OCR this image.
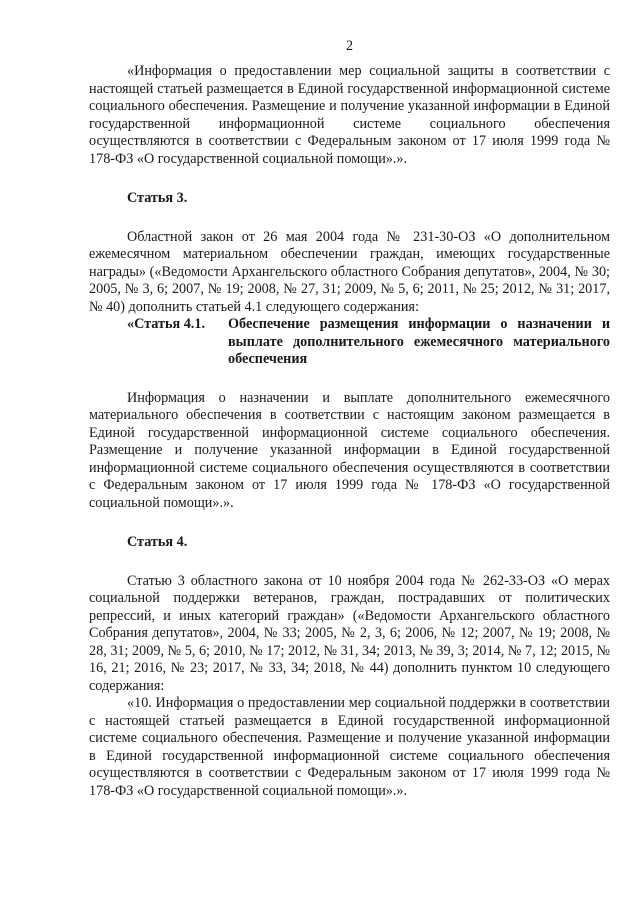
2

«Информация о предоставлении мер социальной защиты в соответствии с настоящей статьей размещается в Единой государственной информационной системе социального обеспечения. Размещение и получение указанной информации в Единой государственной информационной системе социального обеспечения осуществляются в соответствии с Федеральным законом от 17 июля 1999 года № 178-ФЗ «О государственной социальной помощи».».

Статья 3.

Областной закон от 26 мая 2004 года № 231-30-ОЗ «О дополнительном ежемесячном материальном обеспечении граждан, имеющих государственные награды» («Ведомости Архангельского областного Собрания депутатов», 2004, № 30; 2005, № 3, 6; 2007, № 19; 2008, № 27, 31; 2009, № 5, 6; 2011, № 25; 2012, № 31; 2017, № 40) дополнить статьей 4.1 следующего содержания:

«Статья 4.1.	Обеспечение размещения информации о назначении и выплате дополнительного ежемесячного материального обеспечения

Информация о назначении и выплате дополнительного ежемесячного материального обеспечения в соответствии с настоящим законом размещается в Единой государственной информационной системе социального обеспечения. Размещение и получение указанной информации в Единой государственной информационной системе социального обеспечения осуществляются в соответствии с Федеральным законом от 17 июля 1999 года № 178-ФЗ «О государственной социальной помощи».».

Статья 4.

Статью 3 областного закона от 10 ноября 2004 года № 262-33-ОЗ «О мерах социальной поддержки ветеранов, граждан, пострадавших от политических репрессий, и иных категорий граждан» («Ведомости Архангельского областного Собрания депутатов», 2004, № 33; 2005, № 2, 3, 6; 2006, № 12; 2007, № 19; 2008, № 28, 31; 2009, № 5, 6; 2010, № 17; 2012, № 31, 34; 2013, № 39, 3; 2014, № 7, 12; 2015, № 16, 21; 2016, № 23; 2017, № 33, 34; 2018, № 44) дополнить пунктом 10 следующего содержания:

«10. Информация о предоставлении мер социальной поддержки в соответствии с настоящей статьей размещается в Единой государственной информационной системе социального обеспечения. Размещение и получение указанной информации в Единой государственной информационной системе социального обеспечения осуществляются в соответствии с Федеральным законом от 17 июля 1999 года № 178-ФЗ «О государственной социальной помощи».».
